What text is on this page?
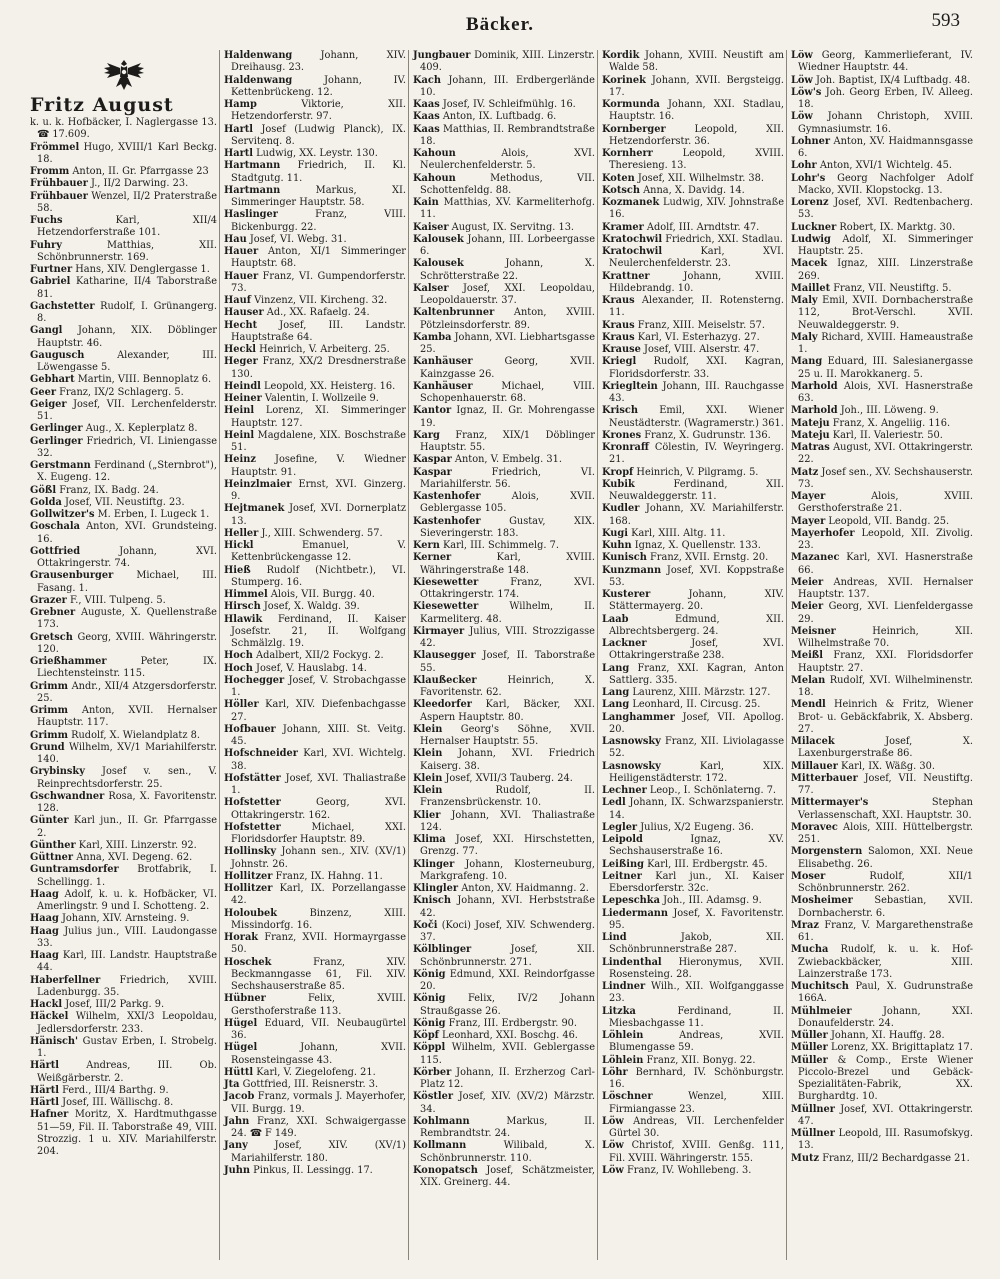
Bäcker.	593
Fritz August
k. u. k. Hofbäcker, I. Naglergasse 13. ☎ 17.609.
Frömmel Hugo, XVIII/1 Karl Beckg. 18.
Fromm Anton, II. Gr. Pfarrgasse 23
Frühbauer J., II/2 Darwing. 23.
Frühbauer Wenzel, II/2 Praterstraße 58.
Fuchs	Karl, XII/4 Hetzendorferstraße 101.
Fuhry	Matthias, XII. Schönbrunnerstr. 169.
Furtner Hans, XIV. Denglergasse 1.
Gabriel Katharine, II/4 Taborstraße 81.
Gachstetter Rudolf, I. Grünangerg. 8.
Gangl Johann, XIX. Döblinger Hauptstr. 46.
Gaugusch	Alexander, III. Löwengasse 5.
Gebhart Martin, VIII. Bennoplatz 6.
Geer Franz, IX/2 Schlagerg. 5.
Geiger Josef, VII. Lerchenfelderstr. 51.
Gerlinger Aug., X. Keplerplatz 8.
Gerlinger Friedrich, VI. Liniengasse 32.
Gerstmann Ferdinand („Sternbrot"), X. Eugeng. 12.
Gößl Franz, IX. Badg. 24.
Golda Josef, VII. Neustiftg. 23.
Gollwitzer's M. Erben, I. Lugeck 1.
Goschala Anton, XVI. Grundsteing. 16.
Gottfried	Johann, XVI. Ottakringerstr. 74.
Grausenburger Michael, III. Fasang. 1.
Grazer F., VIII. Tulpeng. 5.
Grebner Auguste, X. Quellenstraße 173.
Gretsch Georg, XVIII. Währingerstr. 120.
Grießhammer	Peter, IX. Liechtensteinstr. 115.
Grimm Andr., XII/4 Atzgersdorferstr. 25.
Grimm Anton, XVII. Hernalser Hauptstr. 117.
Grimm Rudolf, X. Wielandplatz 8.
Grund Wilhelm, XV/1 Mariahilferstr. 140.
Grybinsky Josef v. sen., V. Reinprechtsdorferstr. 25.
Gschwandner Rosa, X. Favoritenstr. 128.
Günter Karl jun., II. Gr. Pfarrgasse 2.
Günther Karl, XIII. Linzerstr. 92.
Güttner Anna, XVI. Degeng. 62.
Guntramsdorfer Brotfabrik, I. Schellingg. 1.
Haag Adolf, k. u. k. Hofbäcker, VI. Amerlingstr. 9 und I. Schotteng. 2.
Haag Johann, XIV. Arnsteing. 9.
Haag Julius jun., VIII. Laudongasse 33.
Haag Karl, III. Landstr. Hauptstraße 44.
Haberfellner Friedrich, XVIII. Ladenburgg. 35.
Hackl Josef, III/2 Parkg. 9.
Häckel Wilhelm, XXI/3 Leopoldau, Jedlersdorferstr. 233.
Hänisch' Gustav Erben, I. Strobelg. 1.
Härtl	Andreas, III. Ob. Weißgärberstr. 2.
Härtl Ferd., III/4 Barthg. 9.
Härtl Josef, III. Wällischg. 8.
Hafner Moritz, X. Hardtmuthgasse 51—59, Fil. II. Taborstraße 49, VIII. Strozzig. 1 u. XIV. Mariahilferstr. 204.
Haldenwang	Johann, XIV. Dreihausg. 23.
Haldenwang	Johann, IV. Kettenbrückeng. 12.
Hamp	Viktorie, XII. Hetzendorferstr. 97.
Hartl Josef (Ludwig Planck), IX. Servitenq. 8.
Hartl Ludwig, XX. Leystr. 130.
Hartmann Friedrich, II. Kl. Stadtgutg. 11.
Hartmann	Markus, XI. Simmeringer Hauptstr. 58.
Haslinger	Franz, VIII. Bickenburgg. 22.
Hau Josef, VI. Webg. 31.
Hauer Anton, XI/1 Simmeringer Hauptstr. 68.
Hauer Franz, VI. Gumpendorferstr. 73.
Hauf Vinzenz, VII. Kircheng. 32.
Hauser Ad., XX. Rafaelg. 24.
Hecht Josef, III. Landstr. Hauptstraße 64.
Heckl Heinrich, V. Arbeiterg. 25.
Heger Franz, XX/2 Dresdnerstraße 130.
Heindl Leopold, XX. Heisterg. 16.
Heiner Valentin, I. Wollzeile 9.
Heinl Lorenz, XI. Simmeringer Hauptstr. 127.
Heinl Magdalene, XIX. Boschstraße 51.
Heinz Josefine, V. Wiedner Hauptstr. 91.
Heinzlmaier Ernst, XVI. Ginzerg. 9.
Hejtmanek Josef, XVI. Dornerplatz 13.
Heller J., XIII. Schwenderg. 57.
Hickl	Emanuel, V. Kettenbrückengasse 12.
Hieß Rudolf (Nichtbetr.), VI. Stumperg. 16.
Himmel Alois, VII. Burgg. 40.
Hirsch Josef, X. Waldg. 39.
Hlawik Ferdinand, II. Kaiser Josefstr. 21, II. Wolfgang Schmälzlg. 19.
Hoch Adalbert, XII/2 Fockyg. 2.
Hoch Josef, V. Hauslabg. 14.
Hochegger Josef, V. Strobachgasse 1.
Höller Karl, XIV. Diefenbachgasse 27.
Hofbauer Johann, XIII. St. Veitg. 45.
Hofschneider Karl, XVI. Wichtelg. 38.
Hofstätter Josef, XVI. Thaliastraße 1.
Hofstetter	Georg, XVI. Ottakringerstr. 162.
Hofstetter	Michael, XXI. Floridsdorfer Hauptstr. 89.
Hollinsky Johann sen., XIV. (XV/1) Johnstr. 26.
Hollitzer Franz, IX. Hahng. 11.
Hollitzer Karl, IX. Porzellangasse 42.
Holoubek	Binzenz, XIII. Missindorfg. 16.
Horak Franz, XVII. Hormayrgasse 50.
Hoschek	Franz, XIV. Beckmanngasse 61, Fil. XIV. Sechshauserstraße 85.
Hübner	Felix, XVIII. Gersthoferstraße 113.
Hügel Eduard, VII. Neubaugürtel 36.
Hügel	Johann, XVII. Rosensteingasse 43.
Hüttl Karl, V. Ziegelofeng. 21.
Jta Gottfried, III. Reisnerstr. 3.
Jacob Franz, vormals J. Mayerhofer, VII. Burgg. 19.
Jahn Franz, XXI. Schwaigergasse 24. ☎ F 149.
Jany	Josef, XIV. (XV/1) Mariahilferstr. 180.
Juhn Pinkus, II. Lessingg. 17.
Jungbauer Dominik, XIII. Linzerstr. 409.
Kach Johann, III. Erdbergerlände 10.
Kaas Josef, IV. Schleifmühlg. 16.
Kaas Anton, IX. Luftbadg. 6.
Kaas Matthias, II. Rembrandtstraße 18.
Kahoun	Alois, XVI. Neulerchenfelderstr. 5.
Kahoun	Methodus, VII. Schottenfeldg. 88.
Kain Matthias, XV. Karmeliterhofg. 11.
Kaiser August, IX. Servitng. 13.
Kalousek Johann, III. Lorbeergasse 6.
Kalousek	Johann, X. Schrötterstraße 22.
Kalser Josef, XXI. Leopoldau, Leopoldauerstr. 37.
Kaltenbrunner Anton, XVIII. Pötzleinsdorferstr. 89.
Kamba Johann, XVI. Liebhartsgasse 25.
Kanhäuser	Georg, XVII. Kainzgasse 26.
Kanhäuser	Michael, VIII. Schopenhauerstr. 68.
Kantor Ignaz, II. Gr. Mohrengasse 19.
Karg Franz, XIX/1 Döblinger Hauptstr. 55.
Kaspar Anton, V. Embelg. 31.
Kaspar	Friedrich, VI. Mariahilferstr. 56.
Kastenhofer	Alois, XVII. Geblergasse 105.
Kastenhofer	Gustav, XIX. Sieveringerstr. 183.
Kern Karl, III. Schimmelg. 7.
Kerner	Karl, XVIII. Währingerstraße 148.
Kiesewetter	Franz, XVI. Ottakringerstr. 174.
Kiesewetter	Wilhelm, II. Karmeliterg. 48.
Kirmayer Julius, VIII. Strozzigasse 42.
Klausegger Josef, II. Taborstraße 55.
Klaußecker	Heinrich, X. Favoritenstr. 62.
Kleedorfer Karl, Bäcker, XXI. Aspern Hauptstr. 80.
Klein Georg's Söhne, XVII. Hernalser Hauptstr. 55.
Klein Johann, XVI. Friedrich Kaiserg. 38.
Klein Josef, XVII/3 Tauberg. 24.
Klein	Rudolf, II. Franzensbrückenstr. 10.
Klier Johann, XVI. Thaliastraße 124.
Klima Josef, XXI. Hirschstetten, Grenzg. 77.
Klinger Johann, Klosterneuburg, Markgrafeng. 10.
Klingler Anton, XV. Haidmanng. 2.
Knisch Johann, XVI. Herbststraße 42.
Koči (Koci) Josef, XIV. Schwenderg. 37.
Kölblinger	Josef, XII. Schönbrunnerstr. 271.
König Edmund, XXI. Reindorfgasse 20.
König Felix, IV/2 Johann Straußgasse 26.
König Franz, III. Erdbergstr. 90.
Köpf Leonhard, XXI. Boschg. 46.
Köppl Wilhelm, XVII. Geblergasse 115.
Körber Johann, II. Erzherzog Carl-Platz 12.
Köstler Josef, XIV. (XV/2) Märzstr. 34.
Kohlmann	Markus, II. Rembrandtstr. 24.
Kollmann	Wilibald, X. Schönbrunnerstr. 110.
Konopatsch Josef, Schätzmeister, XIX. Greinerg. 44.
Kordik Johann, XVIII. Neustift am Walde 58.
Korinek Johann, XVII. Bergsteigg. 17.
Kormunda Johann, XXI. Stadlau, Hauptstr. 16.
Kornberger	Leopold, XII. Hetzendorferstr. 36.
Kornherr	Leopold, XVIII. Theresieng. 13.
Koten Josef, XII. Wilhelmstr. 38.
Kotsch Anna, X. Davidg. 14.
Kozmanek Ludwig, XIV. Johnstraße 16.
Kramer Adolf, III. Arndtstr. 47.
Kratochwil Friedrich, XXI. Stadlau.
Kratochwil	Karl, XVI. Neulerchenfelderstr. 23.
Krattner	Johann, XVIII. Hildebrandg. 10.
Kraus Alexander, II. Rotensterng. 11.
Kraus Franz, XIII. Meiselstr. 57.
Kraus Karl, VI. Esterhazyg. 27.
Krause Josef, VIII. Alserstr. 47.
Kriegl Rudolf, XXI. Kagran, Floridsdorferstr. 33.
Kriegltein Johann, III. Rauchgasse 43.
Krisch Emil, XXI. Wiener Neustädterstr. (Wagramerstr.) 361.
Krones Franz, X. Gudrunstr. 136.
Kronraff Cölestin, IV. Weyringerg. 21.
Kropf Heinrich, V. Pilgramg. 5.
Kubik	Ferdinand, XII. Neuwaldeggerstr. 11.
Kudler Johann, XV. Mariahilferstr. 168.
Kugi Karl, XIII. Altg. 11.
Kuhn Ignaz, X. Quellenstr. 133.
Kunisch Franz, XVII. Ernstg. 20.
Kunzmann Josef, XVI. Koppstraße 53.
Kusterer	Johann, XIV. Stättermayerg. 20.
Laab	Edmund, XII. Albrechtsbergerg. 24.
Lackner	Josef, XVI. Ottakringerstraße 238.
Lang Franz, XXI. Kagran, Anton Sattlerg. 335.
Lang Laurenz, XIII. Märzstr. 127.
Lang Leonhard, II. Circusg. 25.
Langhammer Josef, VII. Apollog. 20.
Lasnowsky Franz, XII. Liviolagasse 52.
Lasnowsky	Karl, XIX. Heiligenstädterstr. 172.
Lechner Leop., I. Schönlaterng. 7.
Ledl Johann, IX. Schwarzspanierstr. 14.
Legler Julius, X/2 Eugeng. 36.
Leipold	Ignaz, XV. Sechshauserstraße 16.
Leißing Karl, III. Erdbergstr. 45.
Leitner Karl jun., XI. Kaiser Ebersdorferstr. 32c.
Lepeschka Joh., III. Adamsg. 9.
Liedermann Josef, X. Favoritenstr. 95.
Lind	Jakob, XII. Schönbrunnerstraße 287.
Lindenthal Hieronymus, XVII. Rosensteing. 28.
Lindner Wilh., XII. Wolfganggasse 23.
Litzka	Ferdinand, II. Miesbachgasse 11.
Löhlein	Andreas, XVII. Blumengasse 59.
Löhlein Franz, XII. Bonyg. 22.
Löhr Bernhard, IV. Schönburgstr. 16.
Löschner	Wenzel, XIII. Firmiangasse 23.
Löw Andreas, VII. Lerchenfelder Gürtel 30.
Löw Christof, XVIII. Genßg. 111, Fil. XVIII. Währingerstr. 155.
Löw Franz, IV. Wohllebeng. 3.
Löw Georg, Kammerlieferant, IV. Wiedner Hauptstr. 44.
Löw Joh. Baptist, IX/4 Luftbadg. 48.
Löw's Joh. Georg Erben, IV. Alleeg. 18.
Löw Johann Christoph, XVIII. Gymnasiumstr. 16.
Lohner Anton, XV. Haidmannsgasse 6.
Lohr Anton, XVI/1 Wichtelg. 45.
Lohr's Georg Nachfolger Adolf Macko, XVII. Klopstockg. 13.
Lorenz Josef, XVI. Redtenbacherg. 53.
Luckner Robert, IX. Marktg. 30.
Ludwig Adolf, XI. Simmeringer Hauptstr. 25.
Macek Ignaz, XIII. Linzerstraße 269.
Maillet Franz, VII. Neustiftg. 5.
Maly Emil, XVII. Dornbacherstraße 112, Brot-Verschl. XVII. Neuwaldeggerstr. 9.
Maly Richard, XVIII. Hameaustraße 1.
Mang Eduard, III. Salesianergasse 25 u. II. Marokkanerg. 5.
Marhold Alois, XVI. Hasnerstraße 63.
Marhold Joh., III. Löweng. 9.
Mateju Franz, X. Angeliig. 116.
Mateju Karl, II. Valeriestr. 50.
Matras August, XVI. Ottakringerstr. 22.
Matz Josef sen., XV. Sechshauserstr. 73.
Mayer	Alois, XVIII. Gersthoferstraße 21.
Mayer Leopold, VII. Bandg. 25.
Mayerhofer Leopold, XII. Zivolig. 23.
Mazanec Karl, XVI. Hasnerstraße 66.
Meier Andreas, XVII. Hernalser Hauptstr. 137.
Meier Georg, XVI. Lienfeldergasse 29.
Meisner	Heinrich, XII. Wilhelmstraße 70.
Meißl Franz, XXI. Floridsdorfer Hauptstr. 27.
Melan Rudolf, XVI. Wilhelminenstr. 18.
Mendl Heinrich & Fritz, Wiener Brot- u. Gebäckfabrik, X. Absberg. 27.
Milacek	Josef, X. Laxenburgerstraße 86.
Millauer Karl, IX. Wäßg. 30.
Mitterbauer Josef, VII. Neustiftg. 77.
Mittermayer's	Stephan Verlassenschaft, XXI. Hauptstr. 30.
Moravec Alois, XIII. Hüttelbergstr. 251.
Morgenstern Salomon, XXI. Neue Elisabethg. 26.
Moser	Rudolf, XII/1 Schönbrunnerstr. 262.
Mosheimer Sebastian, XVII. Dornbacherstr. 6.
Mraz Franz, V. Margarethenstraße 61.
Mucha Rudolf, k. u. k. Hof-Zwiebackbäcker, XIII. Lainzerstraße 173.
Muchitsch Paul, X. Gudrunstraße 166A.
Mühlmeier	Johann, XXI. Donaufelderstr. 24.
Müller Johann, XI. Hauffg. 28.
Müller Lorenz, XX. Brigittaplatz 17.
Müller & Comp., Erste Wiener Piccolo-Brezel und Gebäck-Spezialitäten-Fabrik, XX. Burghardtg. 10.
Müllner Josef, XVI. Ottakringerstr. 47.
Müllner Leopold, III. Rasumofskyg. 13.
Mutz Franz, III/2 Bechardgasse 21.
